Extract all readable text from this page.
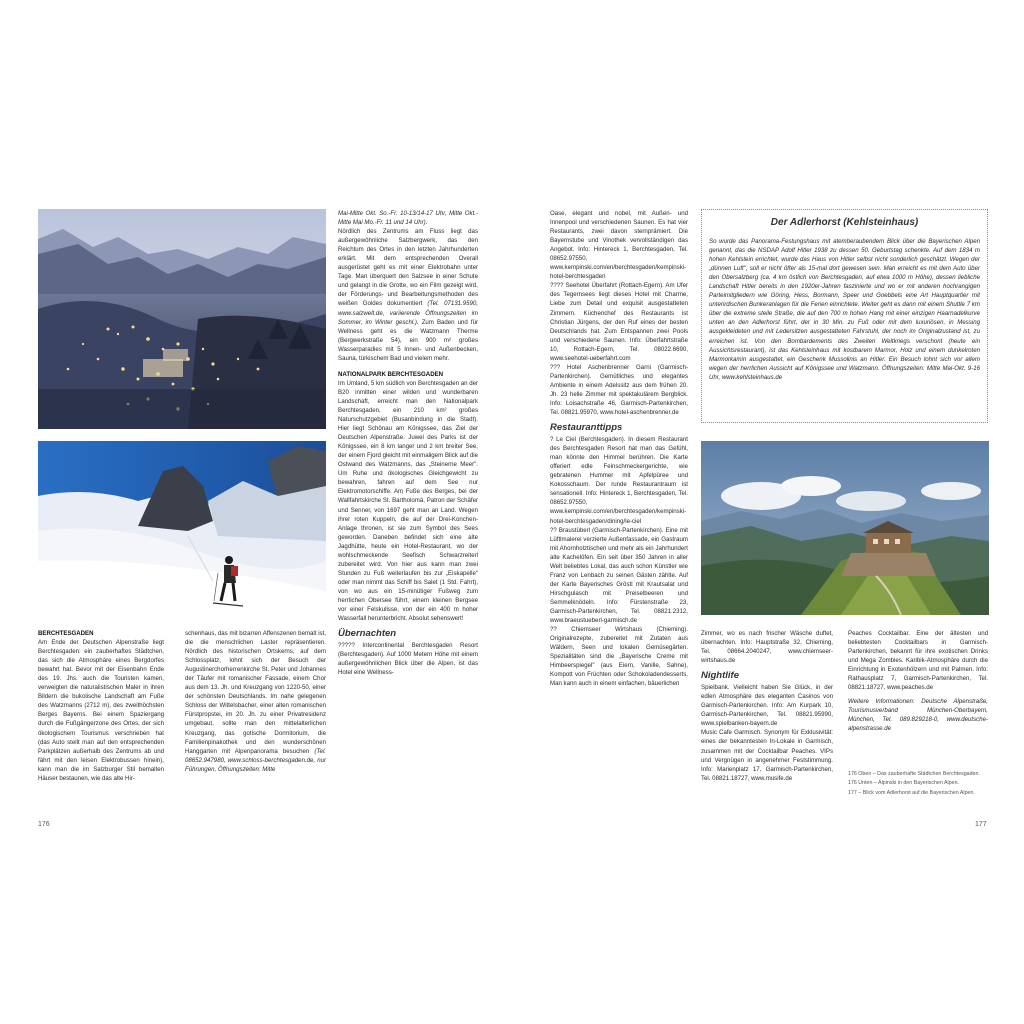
BERCHTESGADEN

Am Ende der Deutschen Alpenstraße liegt Berchtesgaden: ein zauberhaftes Städtchen, das sich die Atmosphäre eines Bergdorfes bewahrt hat. Bevor mit der Eisenbahn Ende des 19. Jhs. auch die Touristen kamen, verweigten die naturalistischen Maler in ihren Bildern die bukolische Landschaft am Fuße des Watzmanns (2712 m), des zweithöchsten Berges Bayerns. Bei einem Spaziergang durch die Fußgängerzone des Ortes, der sich ökologischem Tourismus verschrieben hat (das Auto stellt man auf den entsprechenden Parkplätzen außerhalb des Zentrums ab und fährt mit den leisen Elektrobussen hinein), kann man die im Salzburger Stil bemalten Häuser bestaunen, wie das alte Hir-

schenhaus, das mit bizarren Affenszenen bemalt ist, die die menschlichen Laster repräsentieren. Nördlich des historischen Ortskerns, auf dem Schlossplatz, lohnt sich der Besuch der Augustinerchorherrenkirche St. Peter und Johannes der Täufer mit romanischer Fassade, einem Chor aus dem 13. Jh. und Kreuzgang von 1220-50, einer der schönsten Deutschlands. Im nahe gelegenen Schloss der Wittelsbacher, einer alten romanischen Fürstpropstei, im 20. Jh. zu einer Privatresidenz umgebaut, sollte man den mittelalterlichen Kreuzgang, das gotische Dormitorium, die Familienpinakothek und den wunderschönen Hanggarten mit Alpenpanorama besuchen (Tel. 08652.947980, www.schloss-berchtesgaden.de, nur Führungen, Öffnungszeiten: Mitte

Mai-Mitte Okt. So.-Fr. 10-13/14-17 Uhr, Mitte Okt.-Mitte Mai Mo.-Fr. 11 und 14 Uhr).

Nördlich des Zentrums am Fluss liegt das außergewöhnliche Salzbergwerk, das den Reichtum des Ortes in den letzten Jahrhunderten erklärt. Mit dem entsprechenden Overall ausgerüstet geht es mit einer Elektrobahn unter Tage. Man überquert den Salzsee in einer Schute und gelangt in die Grotte, wo ein Film gezeigt wird, der Förderungs- und Bearbeitungsmethoden des weißen Goldes dokumentiert (Tel. 07131.9590, www.salzwelt.de, variierende Öffnungszeiten im Sommer, im Winter geschl.). Zum Baden und für Wellness geht es die Watzmann Therme (Bergwerkstraße 54), ein 900 m² großes Wasserparadies mit 5 Innen- und Außenbecken, Sauna, türkischem Bad und vielem mehr.

NATIONALPARK BERCHTESGADEN

Im Umland, 5 km südlich von Berchtesgaden an der B20 inmitten einer wilden und wunderbaren Landschaft, erreicht man den Nationalpark Berchtesgaden, ein 210 km² großes Naturschutzgebiet (Busanbindung in die Stadt). Hier liegt Schönau am Königssee, das Ziel der Deutschen Alpenstraße. Juwel des Parks ist der Königssee, ein 8 km langer und 2 km breiter See, der einem Fjord gleicht mit einmaligem Blick auf die Ostwand des Watzmanns, das „Steinerne Meer". Um Ruhe und ökologisches Gleichgewicht zu bewahren, fahren auf dem See nur Elektromotorschiffe. Am Fuße des Berges, bei der Wallfahrtskirche St. Bartholomä, Patron der Schäfer und Senner, von 1697 geht man an Land. Wegen ihrer roten Kuppeln, die auf der Drei-Konchen-Anlage thronen, ist sie zum Symbol des Sees geworden. Daneben befindet sich eine alte Jagdhütte, heute ein Hotel-Restaurant, wo der wohlschmeckende Seefisch Schwarzreiterl zubereitet wird. Von hier aus kann man zwei Stunden zu Fuß weiterlaufen bis zur „Eiskapelle" oder man nimmt das Schiff bis Salet (1 Std. Fahrt), von wo aus ein 15-minütiger Fußweg zum herrlichen Obersee führt, einem kleinen Bergsee vor einer Felskulisse, von der ein 400 m hoher Wasserfall herunterbricht. Absolut sehenswert!

Übernachten

????? Intercontinental Berchtesgaden Resort (Berchtesgaden). Auf 1000 Metern Höhe mit einem außergewöhnlichen Blick über die Alpen, ist das Hotel eine Wellness-

Oase, elegant und nobel, mit Außen- und Innenpool und verschiedenen Saunen. Es hat vier Restaurants, zwei davon sternprämiert. Die Bayernstube und Vinothek vervollständigen das Angebot. Info: Hintereck 1, Berchtesgaden, Tel. 08652.97550, www.kempinski.com/en/berchtesgaden/kempinski-hotel-berchtesgaden

???? Seehotel Überfahrt (Rottach-Egern). Am Ufer des Tegernsees liegt dieses Hotel mit Charme, Liebe zum Detail und exquisit ausgestatteten Zimmern. Küchenchef des Restaurants ist Christian Jürgens, der den Ruf eines der besten Deutschlands hat. Zum Entspannen zwei Pools und verschiedene Saunen. Info: Überfahrtstraße 10, Rottach-Egern, Tel. 08022.6690, www.seehotel-ueberfahrt.com

??? Hotel Aschenbrenner Garni (Garmisch-Partenkirchen). Gemütliches und elegantes Ambiente in einem Adelssitz aus dem frühen 20. Jh. 23 helle Zimmer mit spektakulärem Bergblick. Info: Loisachstraße 46, Garmisch-Partenkirchen, Tel. 08821.95970, www.hotel-aschenbrenner.de

Restauranttipps

? Le Ciel (Berchtesgaden). In diesem Restaurant des Berchtesgaden Resort hat man das Gefühl, man könnte den Himmel berühren. Die Karte offeriert edle Feinschmeckergerichte, wie gebratenen Hummer mit Apfelpüree und Kokosschaum. Der runde Restaurantraum ist sensationell. Info: Hintereck 1, Berchtesgaden, Tel. 08652.97550, www.kempinski.com/en/berchtesgaden/kempinski-hotel-berchtesgaden/dining/le-ciel

?? Braustüberl (Garmisch-Partenkirchen). Eine mit Lüftlmalerei verzierte Außenfassade, ein Gastraum mit Ahornholztischen und mehr als ein Jahrhundert alte Kachelöfen. Ein seit über 350 Jahren in aller Welt beliebtes Lokal, das auch schon Künstler wie Franz von Lenbach zu seinen Gästen zählte. Auf der Karte Bayerisches Gröstl mit Krautsalat und Hirschgulasch mit Preiselbeeren und Semmelknödeln. Info: Fürstenstraße 23, Garmisch-Partenkirchen, Tel. 08821.2312, www.braeustueberl-garmisch.de

?? Chiemseer Wirtshaus (Chieming). Originalrezepte, zubereitet mit Zutaten aus Wäldern, Seen und lokalen Gemüsegärten. Spezialitäten sind die „Bayerische Creme mit Himbeerspiegel" (aus Eiern, Vanille, Sahne), Kompott von Früchten oder Schokoladendesserts. Man kann auch in einem einfachen, bäuerlichen

Der Adlerhorst (Kehlsteinhaus)
So wurde das Panorama-Festungshaus mit atemberaubendem Blick über die Bayerischen Alpen genannt, das die NSDAP Adolf Hitler 1938 zu dessen 50. Geburtstag schenkte. Auf dem 1834 m hohen Kehlstein errichtet, wurde das Haus von Hitler selbst nicht sonderlich geschätzt. Wegen der „dünnen Luft", soll er nicht öfter als 15-mal dort gewesen sein. Man erreicht es mit dem Auto über den Obersalzberg (ca. 4 km östlich von Berchtesgaden, auf etwa 1000 m Höhe), dessen liebliche Landschaft Hitler bereits in den 1920er-Jahren faszinierte und wo er mit anderen hochrangigen Parteimitgliedern wie Göring, Hess, Bormann, Speer und Goebbels eine Art Hauptquartier mit unterirdischen Bunkeranlagen für die Ferien einrichtete. Weiter geht es dann mit einem Shuttle 7 km über die extreme steile Straße, die auf den 700 m hohen Hang mit einer einzigen Haarnadelkurve unten an den Adlerhorst führt, der in 30 Min. zu Fuß oder mit dem luxuriösen, in Messing ausgekleideten und mit Ledersitzen ausgestatteten Fahrstuhl, der noch im Originalzustand ist, zu erreichen ist. Von den Bombardements des Zweiten Weltkriegs verschont (heute ein Aussichtsrestaurant), ist das Kehlsteinhaus mit kostbarem Marmor, Holz und einem dunkelroten Marmorkamin ausgestattet, ein Geschenk Mussolinis an Hitler. Ein Besuch lohnt sich vor allem wegen der herrlichen Aussicht auf Königssee und Watzmann. Öffnungszeiten: Mitte Mai-Okt. 9-16 Uhr, www.kehlsteinhaus.de

Zimmer, wo es nach frischer Wäsche duftet, übernachten. Info: Hauptstraße 32, Chieming, Tel. 08664.2040247, www.chiemseer-wirtshaus.de

Nightlife

Spielbank. Vielleicht haben Sie Glück, in der edlen Atmosphäre des eleganten Casinos von Garmisch-Partenkirchen. Info: Am Kurpark 10, Garmisch-Partenkirchen, Tel. 08821.95990, www.spielbanken-bayern.de

Music Cafe Garmisch. Synonym für Exklusivität: eines der bekanntesten In-Lokale in Garmisch, zusammen mit der Cocktailbar Peaches. VIPs und Vergnügen in angenehmer Feststimmung. Info: Marienplatz 17, Garmisch-Partenkirchen, Tel. 08821.18727, www.musife.de

Peaches Cocktailbar. Eine der ältesten und beliebtesten Cocktailbars in Garmisch-Partenkirchen, bekannt für ihre exotischen Drinks und Mega Zombies. Karibik-Atmosphäre durch die Einrichtung in Exotenhölzern und mit Palmen. Info: Rathausplatz 7, Garmisch-Partenkirchen, Tel. 08821.18727, www.peaches.de

Weitere Informationen: Deutsche Alpenstraße, Tourismusverband München-Oberbayern, München, Tel. 089.829218-0, www.deutsche-alpenstrasse.de

176 Oben – Das zauberhafte Städtchen Berchtesgaden.
176 Unten – Alpinski in den Bayerischen Alpen.
177 – Blick vom Adlerhorst auf die Bayerischen Alpen.
176	177
